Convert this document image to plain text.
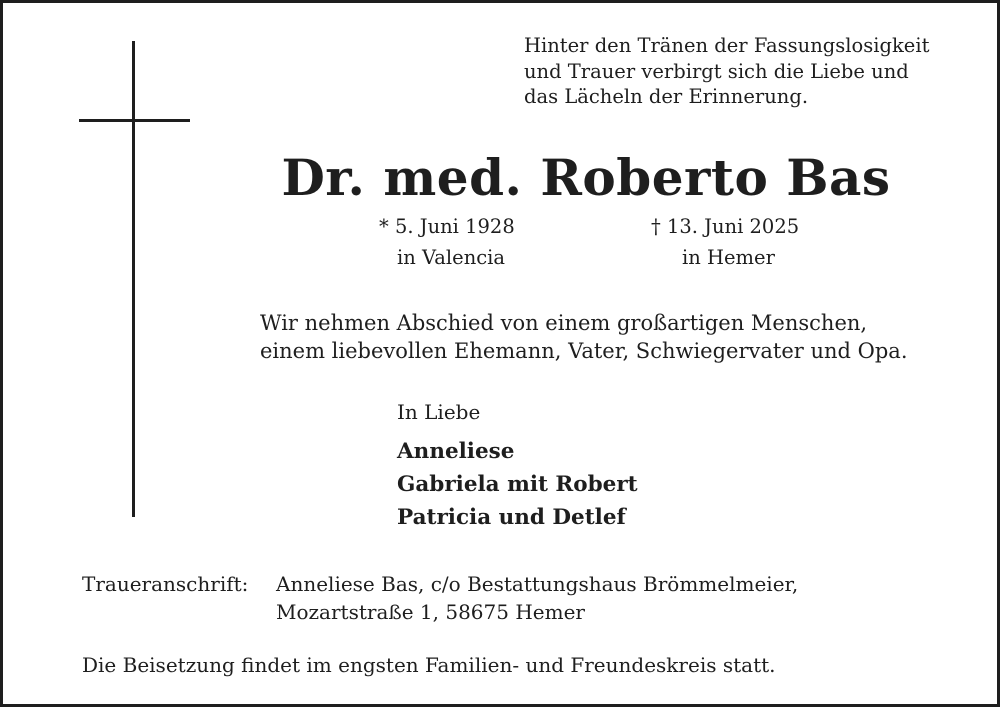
Hinter den Tränen der Fassungslosigkeit
und Trauer verbirgt sich die Liebe und
das Lächeln der Erinnerung.
Dr. med. Roberto Bas
* 5. Juni 1928
in Valencia
† 13. Juni 2025
in Hemer
Wir nehmen Abschied von einem großartigen Menschen,
einem liebevollen Ehemann, Vater, Schwiegervater und Opa.
In Liebe
Anneliese
Gabriela mit Robert
Patricia und Detlef
Traueranschrift: Anneliese Bas, c/o Bestattungshaus Brömmelmeier,
Mozartstraße 1, 58675 Hemer
Die Beisetzung findet im engsten Familien- und Freundeskreis statt.
